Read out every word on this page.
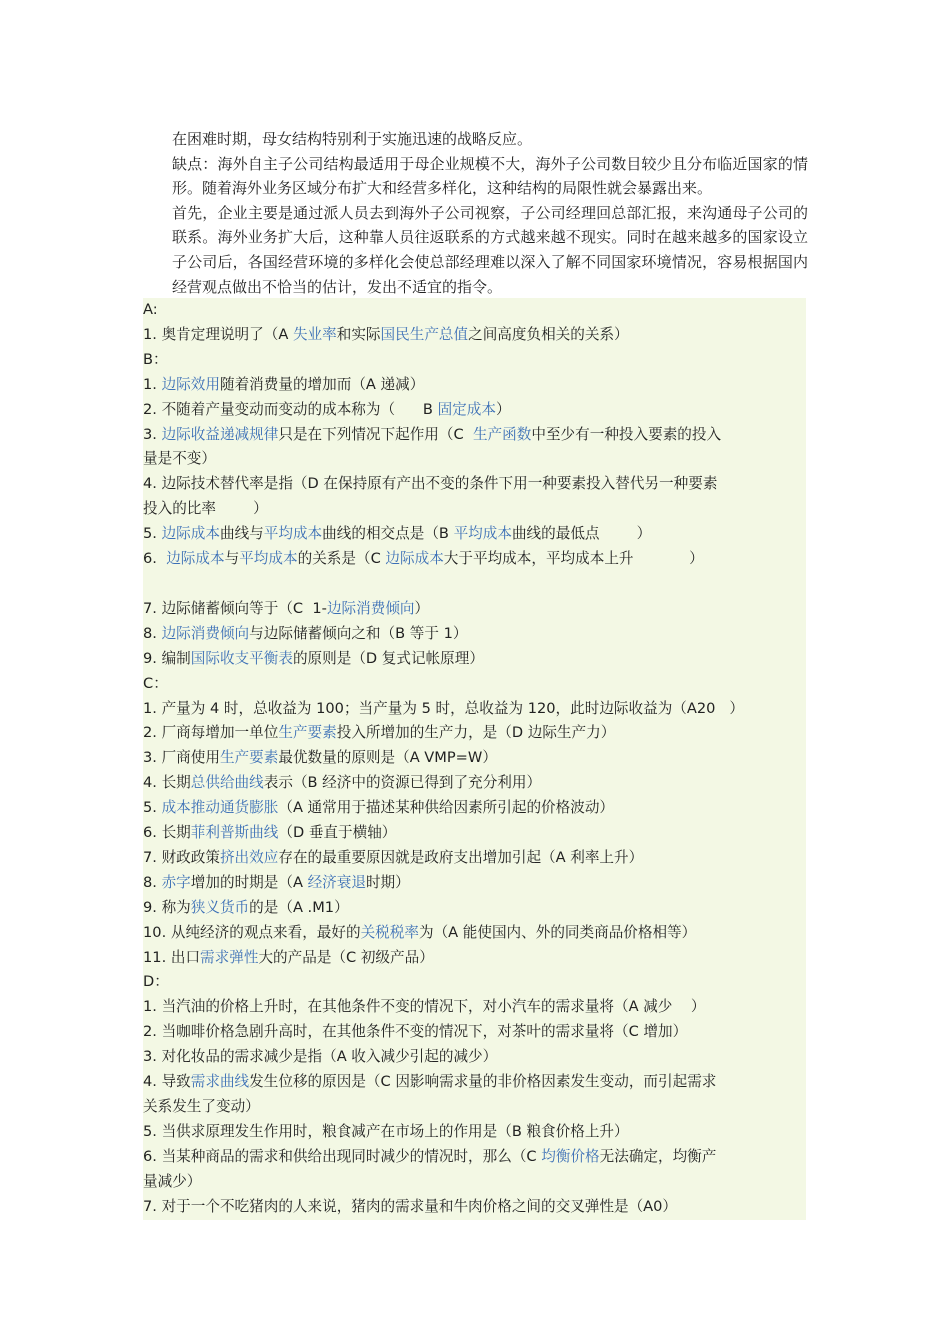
在困难时期，母女结构特别利于实施迅速的战略反应。

缺点：海外自主子公司结构最适用于母企业规模不大，海外子公司数目较少且分布临近国家的情形。随着海外业务区域分布扩大和经营多样化，这种结构的局限性就会暴露出来。

首先，企业主要是通过派人员去到海外子公司视察，子公司经理回总部汇报，来沟通母子公司的联系。海外业务扩大后，这种靠人员往返联系的方式越来越不现实。同时在越来越多的国家设立子公司后，各国经营环境的多样化会使总部经理难以深入了解不同国家环境情况，容易根据国内经营观点做出不恰当的估计，发出不适宜的指令。

A:
1. 奥肯定理说明了（A 失业率和实际国民生产总值之间高度负相关的关系）
B：
1. 边际效用随着消费量的增加而（A 递减）
2. 不随着产量变动而变动的成本称为（      B 固定成本）
3. 边际收益递减规律只是在下列情况下起作用（C  生产函数中至少有一种投入要素的投入
量是不变）
4. 边际技术替代率是指（D 在保持原有产出不变的条件下用一种要素投入替代另一种要素
投入的比率        ）
5. 边际成本曲线与平均成本曲线的相交点是（B 平均成本曲线的最低点        ）
6.  边际成本与平均成本的关系是（C 边际成本大于平均成本，平均成本上升            ）

7. 边际储蓄倾向等于（C  1-边际消费倾向）
8. 边际消费倾向与边际储蓄倾向之和（B 等于 1）
9. 编制国际收支平衡表的原则是（D 复式记帐原理）
C：
1. 产量为 4 时，总收益为 100；当产量为 5 时，总收益为 120，此时边际收益为（A20   ）
2. 厂商每增加一单位生产要素投入所增加的生产力，是（D 边际生产力）
3. 厂商使用生产要素最优数量的原则是（A VMP=W）
4. 长期总供给曲线表示（B 经济中的资源已得到了充分利用）
5. 成本推动通货膨胀（A 通常用于描述某种供给因素所引起的价格波动）
6. 长期菲利普斯曲线（D 垂直于横轴）
7. 财政政策挤出效应存在的最重要原因就是政府支出增加引起（A 利率上升）
8. 赤字增加的时期是（A 经济衰退时期）
9. 称为狭义货币的是（A .M1）
10. 从纯经济的观点来看，最好的关税税率为（A 能使国内、外的同类商品价格相等）
11. 出口需求弹性大的产品是（C 初级产品）
D：
1. 当汽油的价格上升时，在其他条件不变的情况下，对小汽车的需求量将（A 减少    ）
2. 当咖啡价格急剧升高时，在其他条件不变的情况下，对茶叶的需求量将（C 增加）
3. 对化妆品的需求减少是指（A 收入减少引起的减少）
4. 导致需求曲线发生位移的原因是（C 因影响需求量的非价格因素发生变动，而引起需求
关系发生了变动）
5. 当供求原理发生作用时，粮食减产在市场上的作用是（B 粮食价格上升）
6. 当某种商品的需求和供给出现同时减少的情况时，那么（C 均衡价格无法确定，均衡产
量减少）
7. 对于一个不吃猪肉的人来说，猪肉的需求量和牛肉价格之间的交叉弹性是（A0）
